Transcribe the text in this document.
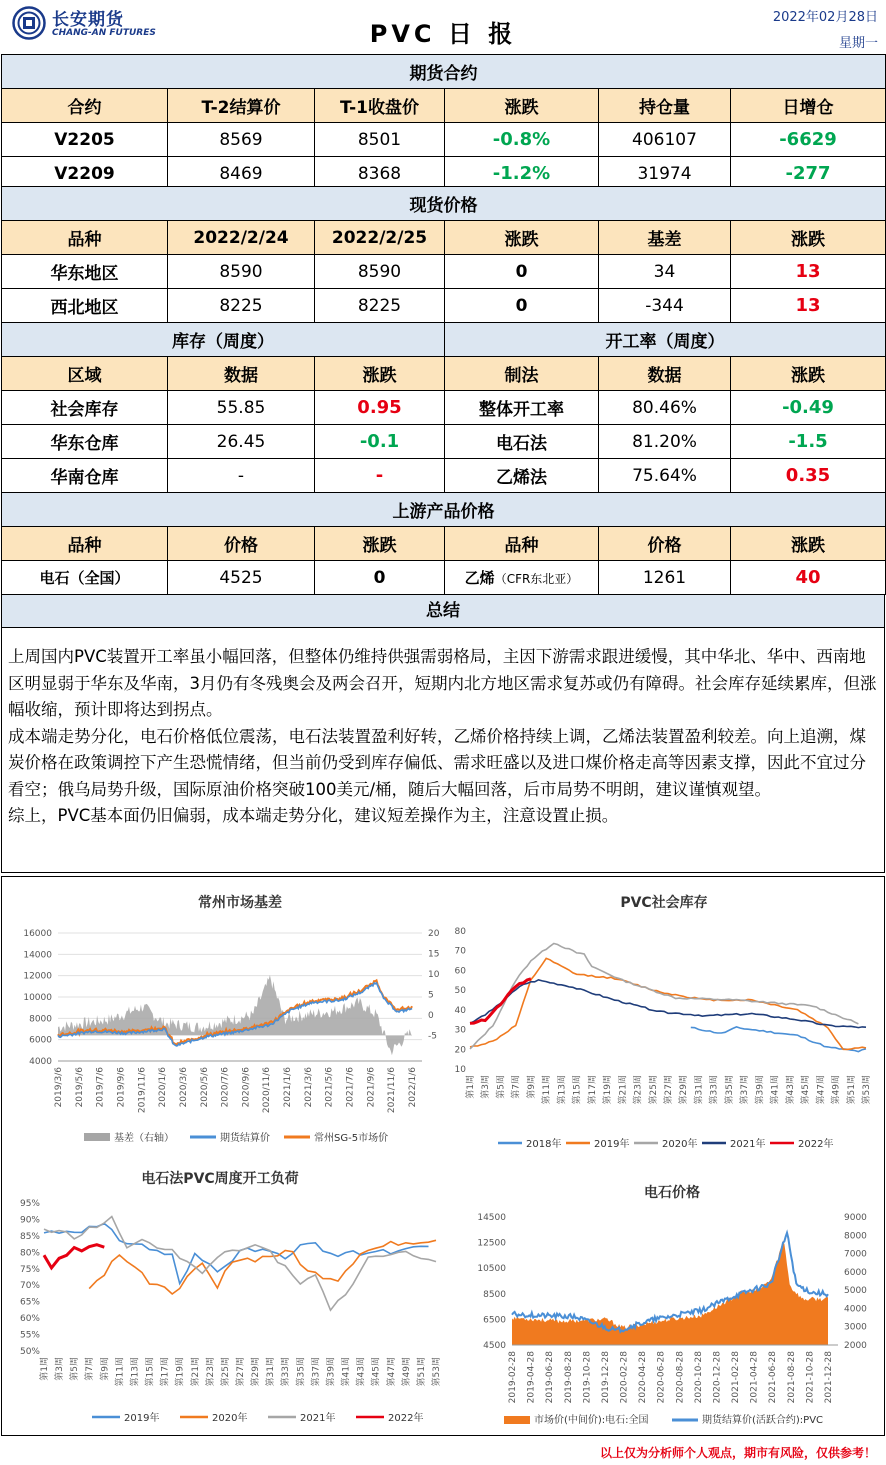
长安期货
CHANG-AN FUTURES	PVC 日 报
2022年02月28日
星期一
期货合约					
合约	T-2结算价	T-1收盘价	涨跌	持仓量	日增仓
V2205	8569	8501	-0.8%	406107	-6629
V2209	8469	8368	-1.2%	31974	-277
现货价格					
品种	2022/2/24	2022/2/25	涨跌	基差	涨跌
华东地区	8590	8590	0	34	13
西北地区	8225	8225	0	-344	13
库存（周度）			开工率（周度）		
区域	数据	涨跌	制法	数据	涨跌
社会库存	55.85	0.95	整体开工率	80.46%	-0.49
华东仓库	26.45	-0.1	电石法	81.20%	-1.5
华南仓库	-	-	乙烯法	75.64%	0.35
上游产品价格					
品种	价格	涨跌	品种	价格	涨跌
电石（全国）	4525	0	乙烯（CFR东北亚）	1261	40
总结

上周国内PVC装置开工率虽小幅回落，但整体仍维持供强需弱格局，主因下游需求跟进缓慢，其中华北、华中、西南地区明显弱于华东及华南，3月仍有冬残奥会及两会召开，短期内北方地区需求复苏或仍有障碍。社会库存延续累库，但涨幅收缩，预计即将达到拐点。

成本端走势分化，电石价格低位震荡，电石法装置盈利好转，乙烯价格持续上调，乙烯法装置盈利较差。向上追溯，煤炭价格在政策调控下产生恐慌情绪，但当前仍受到库存偏低、需求旺盛以及进口煤价格走高等因素支撑，因此不宜过分看空；俄乌局势升级，国际原油价格突破100美元/桶，随后大幅回落，后市局势不明朗，建议谨慎观望。

综上，PVC基本面仍旧偏弱，成本端走势分化，建议短差操作为主，注意设置止损。

常州市场基差
16000
14000
12000
10000
8000
6000
4000
20
15
10
5
0
-5
2019/3/6 2019/5/6 2019/7/6 2019/9/6 2019/11/6 2020/1/6 2020/3/6 2020/5/6 2020/7/6 2020/9/6 2020/11/6 2021/1/6 2021/3/6 2021/5/6 2021/7/6 2021/9/6 2021/11/6 2022/1/6
基差（右轴）	期货结算价	常州SG-5市场价
PVC社会库存
80
70
60
50
40
30
20
10
第1周 第3周 第5周 第7周 第9周 第11周 第13周 第15周 第17周 第19周 第21周 第23周 第25周 第27周 第29周 第31周 第33周 第35周 第37周 第39周 第41周 第43周 第45周 第47周 第49周 第51周 第53周
2018年	2019年	2020年	2021年	2022年
电石法PVC周度开工负荷
95%
90%
85%
80%
75%
70%
65%
60%
55%
50%
第1周 第3周 第5周 第7周 第9周 第11周 第13周 第15周 第17周 第19周 第21周 第23周 第25周 第27周 第29周 第31周 第33周 第35周 第37周 第39周 第41周 第43周 第45周 第47周 第49周 第51周 第53周
2019年	2020年	2021年	2022年
电石价格
14500
12500
10500
8500
6500
4500
9000
8000
7000
6000
5000
4000
3000
2000
2019-02-28 2019-04-28 2019-06-28 2019-08-28 2019-10-28 2019-12-28 2020-02-28 2020-04-28 2020-06-28 2020-08-28 2020-10-28 2020-12-28 2021-02-28 2021-04-28 2021-06-28 2021-08-28 2021-10-28 2021-12-28
市场价(中间价):电石:全国	期货结算价(活跃合约):PVC
以上仅为分析师个人观点，期市有风险，仅供参考！
